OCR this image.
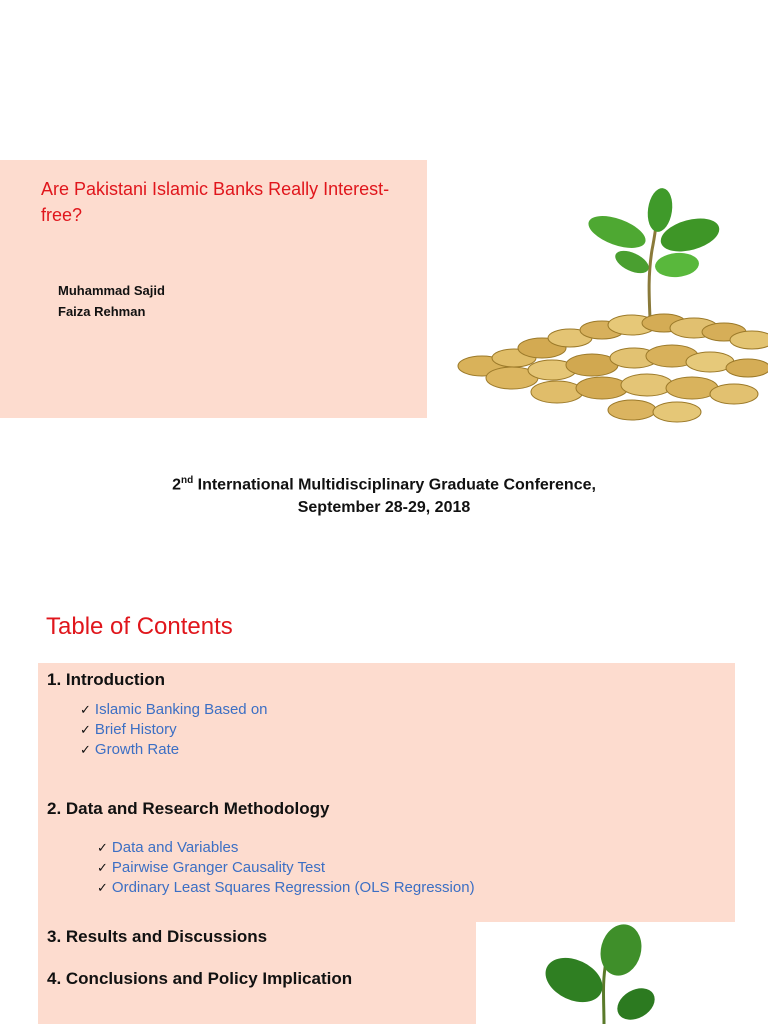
Are Pakistani Islamic Banks Really Interest-free?
Muhammad Sajid
Faiza Rehman
2nd International Multidisciplinary Graduate Conference,
September 28-29, 2018
Table of Contents
1. Introduction
✓ Islamic Banking Based on
✓ Brief History
✓ Growth Rate
2. Data and Research Methodology
✓ Data and Variables
✓ Pairwise Granger Causality Test
✓ Ordinary Least Squares Regression (OLS Regression)
3. Results and Discussions
4. Conclusions and Policy Implication
